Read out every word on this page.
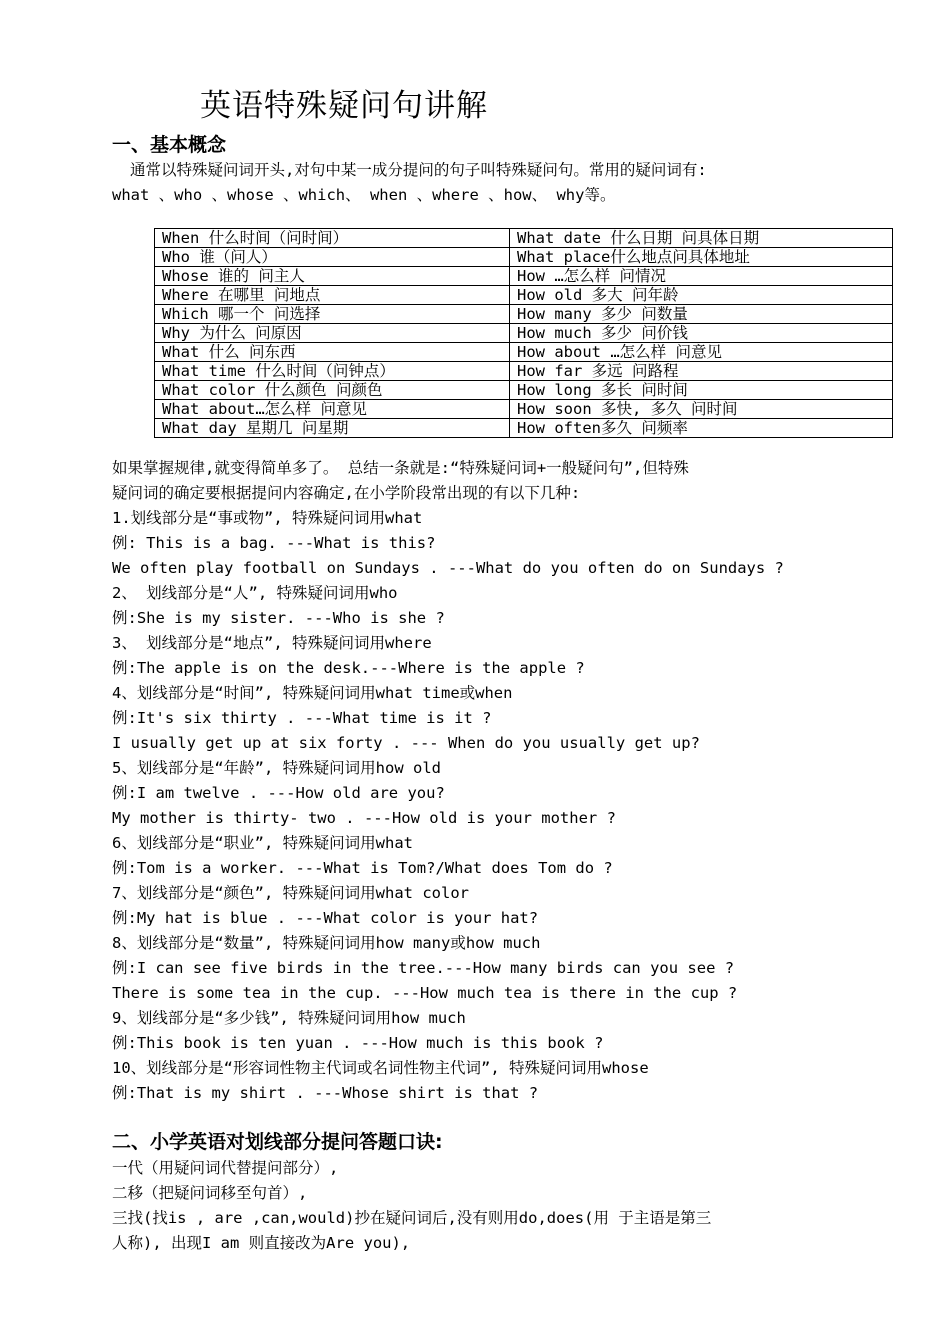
英语特殊疑问句讲解
一、基本概念
通常以特殊疑问词开头,对句中某一成分提问的句子叫特殊疑问句。常用的疑问词有:
what 、who 、whose 、which、 when 、where 、how、 why等。
When 什么时间（问时间）	What date 什么日期 问具体日期
Who 谁（问人）	What place什么地点问具体地址
Whose 谁的 问主人	How …怎么样 问情况
Where 在哪里 问地点	How old 多大 问年龄
Which 哪一个 问选择	How many 多少 问数量
Why 为什么 问原因	How much 多少 问价钱
What 什么 问东西	How about …怎么样 问意见
What time 什么时间（问钟点）	How far 多远 问路程
What color 什么颜色 问颜色	How long 多长 问时间
What about…怎么样 问意见	How soon 多快, 多久 问时间
What day 星期几 问星期	How often多久 问频率
如果掌握规律,就变得简单多了。 总结一条就是:“特殊疑问词+一般疑问句”,但特殊
疑问词的确定要根据提问内容确定,在小学阶段常出现的有以下几种:
1.划线部分是“事或物”, 特殊疑问词用what
例: This is a bag. ---What is this?
We often play football on Sundays . ---What do you often do on Sundays ?
2、 划线部分是“人”, 特殊疑问词用who
例:She is my sister. ---Who is she ?
3、 划线部分是“地点”, 特殊疑问词用where
例:The apple is on the desk.---Where is the apple ?
4、划线部分是“时间”, 特殊疑问词用what time或when
例:It's six thirty . ---What time is it ?
I usually get up at six forty . --- When do you usually get up?
5、划线部分是“年龄”, 特殊疑问词用how old
例:I am twelve . ---How old are you?
My mother is thirty- two . ---How old is your mother ?
6、划线部分是“职业”, 特殊疑问词用what
例:Tom is a worker. ---What is Tom?/What does Tom do ?
7、划线部分是“颜色”, 特殊疑问词用what color
例:My hat is blue . ---What color is your hat?
8、划线部分是“数量”, 特殊疑问词用how many或how much
例:I can see five birds in the tree.---How many birds can you see ?
There is some tea in the cup. ---How much tea is there in the cup ?
9、划线部分是“多少钱”, 特殊疑问词用how much
例:This book is ten yuan . ---How much is this book ?
10、划线部分是“形容词性物主代词或名词性物主代词”, 特殊疑问词用whose
例:That is my shirt . ---Whose shirt is that ?
二、小学英语对划线部分提问答题口诀:
一代（用疑问词代替提问部分）,
二移（把疑问词移至句首）,
三找(找is , are ,can,would)抄在疑问词后,没有则用do,does(用 于主语是第三
人称), 出现I am 则直接改为Are you),
